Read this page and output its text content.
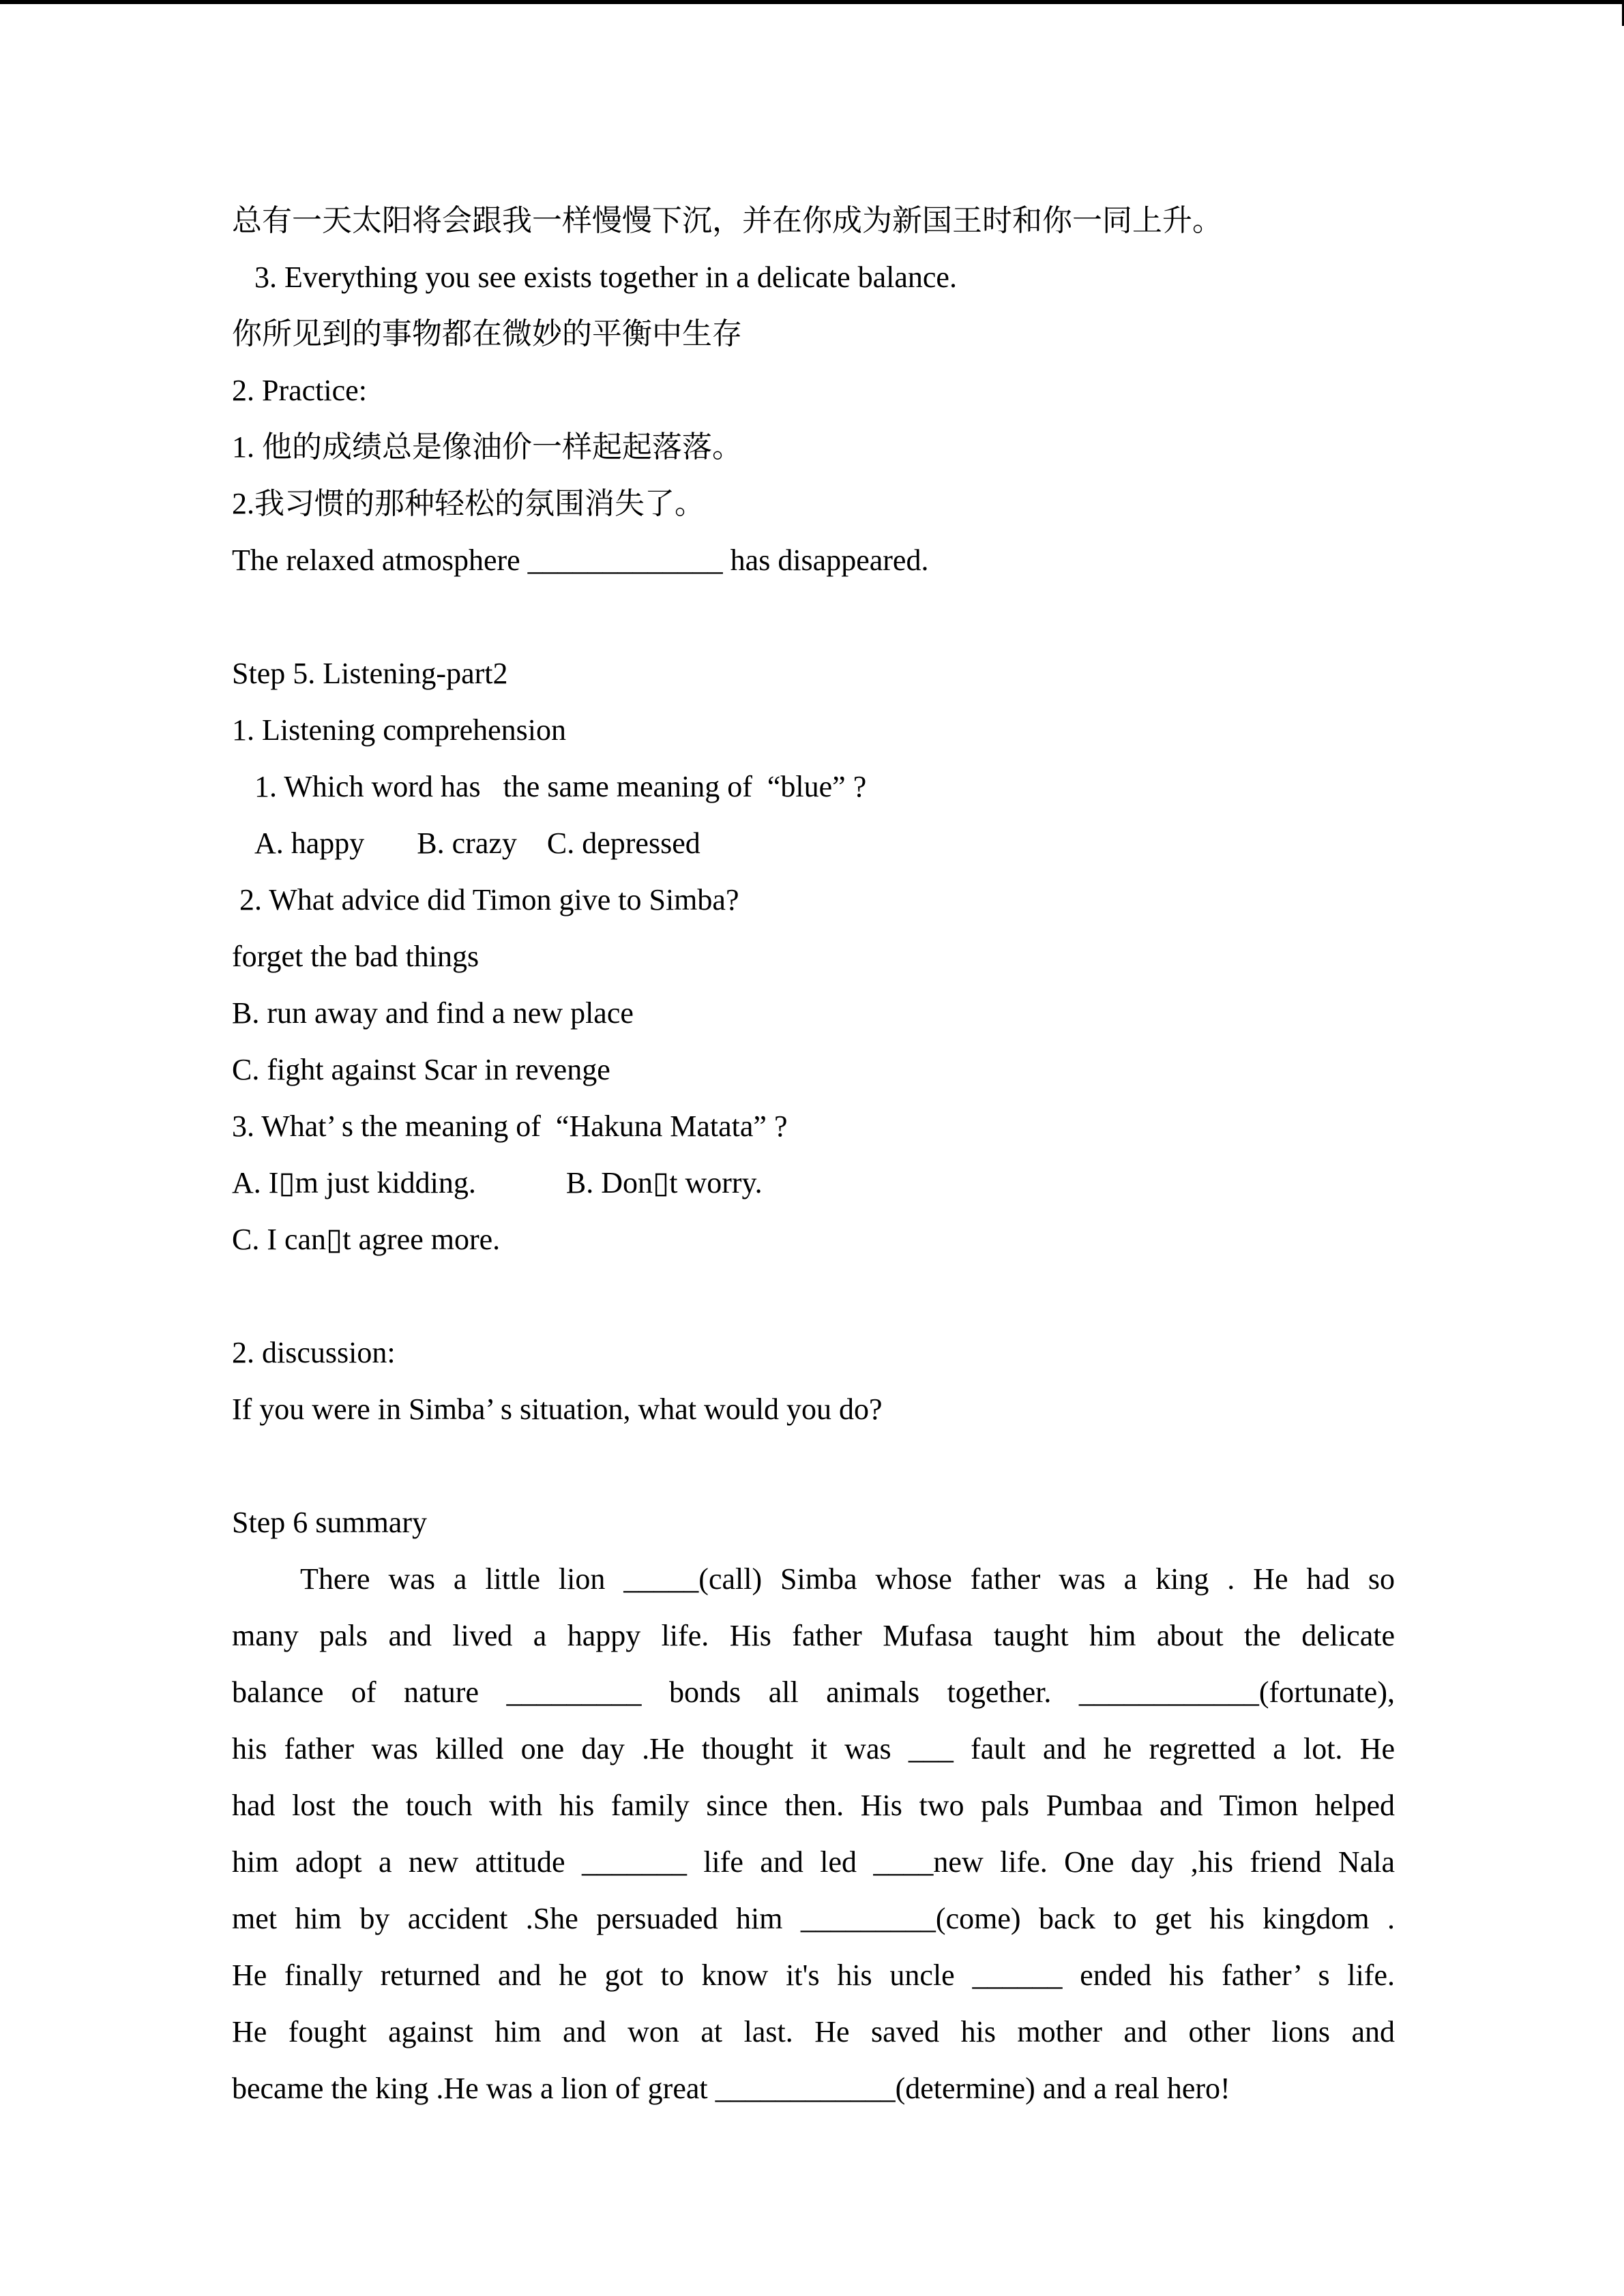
总有一天太阳将会跟我一样慢慢下沉，并在你成为新国王时和你一同上升。
3. Everything you see exists together in a delicate balance.
你所见到的事物都在微妙的平衡中生存
2. Practice:
1. 他的成绩总是像油价一样起起落落。
2.我习惯的那种轻松的氛围消失了。
The relaxed atmosphere _____________ has disappeared.
Step 5. Listening-part2
1. Listening comprehension
1. Which word has   the same meaning of  “blue” ?
A. happy       B. crazy    C. depressed
2. What advice did Timon give to Simba?
forget the bad things
B. run away and find a new place
C. fight against Scar in revenge
3. What’ s the meaning of  “Hakuna Matata” ?
A. I▯m just kidding.            B. Don▯t worry.
C. I can▯t agree more.
2. discussion:
If you were in Simba’ s situation, what would you do?
Step 6 summary
There was a little lion _____(call) Simba whose father was a king . He had so
many pals and lived a happy life. His father Mufasa taught him about the delicate
balance of nature _________ bonds all animals together. ____________(fortunate),
his father was killed one day .He thought it was ___ fault and he regretted a lot. He
had lost the touch with his family since then. His two pals Pumbaa and Timon helped
him adopt a new attitude _______ life and led ____new life. One day ,his friend Nala
met him by accident .She persuaded him _________(come) back to get his kingdom .
He finally returned and he got to know it's his uncle ______ ended his father’ s life.
He fought against him and won at last. He saved his mother and other lions and
became the king .He was a lion of great ____________(determine) and a real hero!
